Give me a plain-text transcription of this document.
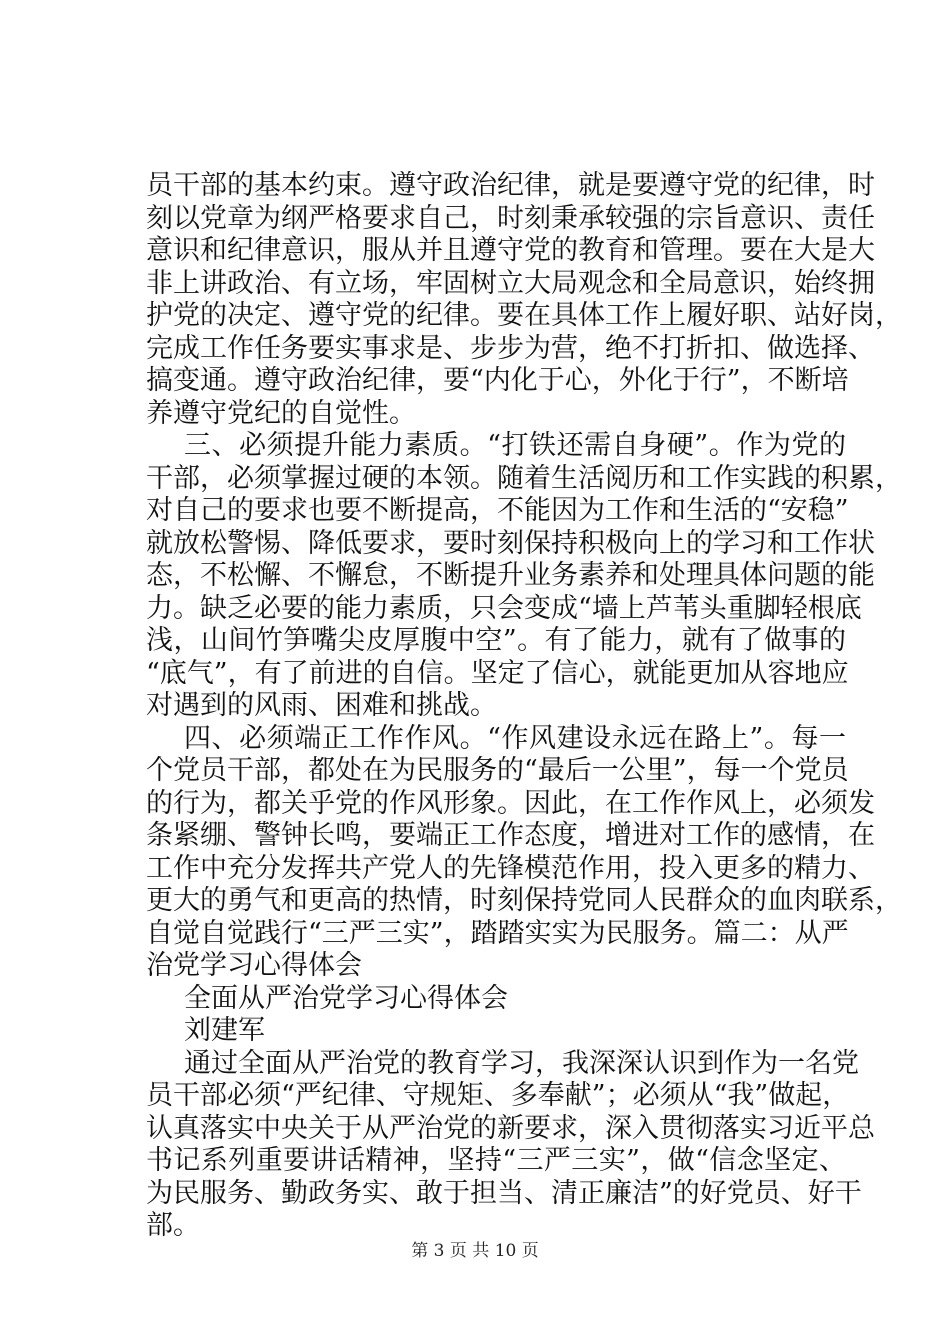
员干部的基本约束。遵守政治纪律，就是要遵守党的纪律，时
刻以党章为纲严格要求自己，时刻秉承较强的宗旨意识、责任
意识和纪律意识，服从并且遵守党的教育和管理。要在大是大
非上讲政治、有立场，牢固树立大局观念和全局意识，始终拥
护党的决定、遵守党的纪律。要在具体工作上履好职、站好岗，
完成工作任务要实事求是、步步为营，绝不打折扣、做选择、
搞变通。遵守政治纪律，要“内化于心，外化于行”，不断培
养遵守党纪的自觉性。
三、必须提升能力素质。“打铁还需自身硬”。作为党的
干部，必须掌握过硬的本领。随着生活阅历和工作实践的积累，
对自己的要求也要不断提高，不能因为工作和生活的“安稳”
就放松警惕、降低要求，要时刻保持积极向上的学习和工作状
态，不松懈、不懈怠，不断提升业务素养和处理具体问题的能
力。缺乏必要的能力素质，只会变成“墙上芦苇头重脚轻根底
浅，山间竹笋嘴尖皮厚腹中空”。有了能力，就有了做事的
“底气”，有了前进的自信。坚定了信心，就能更加从容地应
对遇到的风雨、困难和挑战。
四、必须端正工作作风。“作风建设永远在路上”。每一
个党员干部，都处在为民服务的“最后一公里”，每一个党员
的行为，都关乎党的作风形象。因此，在工作作风上，必须发
条紧绷、警钟长鸣，要端正工作态度，增进对工作的感情，在
工作中充分发挥共产党人的先锋模范作用，投入更多的精力、
更大的勇气和更高的热情，时刻保持党同人民群众的血肉联系，
自觉自觉践行“三严三实”，踏踏实实为民服务。篇二：从严
治党学习心得体会
全面从严治党学习心得体会
刘建军
通过全面从严治党的教育学习，我深深认识到作为一名党
员干部必须“严纪律、守规矩、多奉献”；必须从“我”做起，
认真落实中央关于从严治党的新要求，深入贯彻落实习近平总
书记系列重要讲话精神，坚持“三严三实”，做“信念坚定、
为民服务、勤政务实、敢于担当、清正廉洁”的好党员、好干
部。
第 3 页 共 10 页
